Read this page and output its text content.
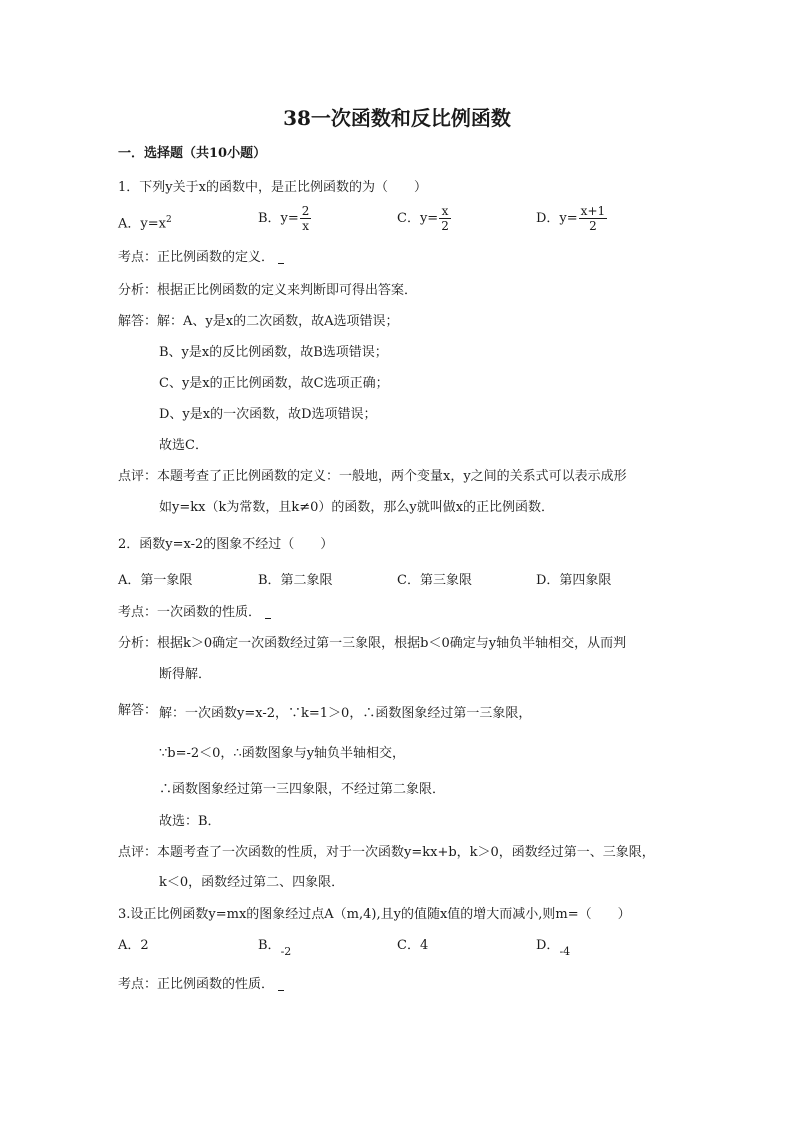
38一次函数和反比例函数
一．选择题（共10小题）
1．下列y关于x的函数中，是正比例函数的为（　　）
A．$y=x^2$	B．$y= \frac{2}{x}$	C．$y= \frac{x}{2}$	D．$y= \frac{x+1}{2}$
考点：正比例函数的定义．
分析：根据正比例函数的定义来判断即可得出答案．
解答：解：A、y是x的二次函数，故A选项错误；
B、y是x的反比例函数，故B选项错误；
C、y是x的正比例函数，故C选项正确；
D、y是x的一次函数，故D选项错误；
故选C．
点评：本题考查了正比例函数的定义：一般地，两个变量x，y之间的关系式可以表示成形
如y=kx（k为常数，且k≠0）的函数，那么y就叫做x的正比例函数．
2．函数y=x-2的图象不经过（　　）
A．第一象限	B．第二象限	C．第三象限	D．第四象限
考点：一次函数的性质．
分析：根据k＞0确定一次函数经过第一三象限，根据b＜0确定与y轴负半轴相交，从而判
断得解．
解答： 解：一次函数y=x-2，∵k=1＞0，∴函数图象经过第一三象限，
∵b=-2＜0，∴函数图象与y轴负半轴相交，
∴函数图象经过第一三四象限，不经过第二象限．
故选：B．
点评：本题考查了一次函数的性质，对于一次函数y=kx+b，k＞0，函数经过第一、三象限，
k＜0，函数经过第二、四象限．
3.设正比例函数y=mx的图象经过点A（m,4),且y的值随x值的增大而减小,则m=（　　）
A．2	B．$_{-2}$	C．4	D．$_{-4}$
考点：正比例函数的性质．
